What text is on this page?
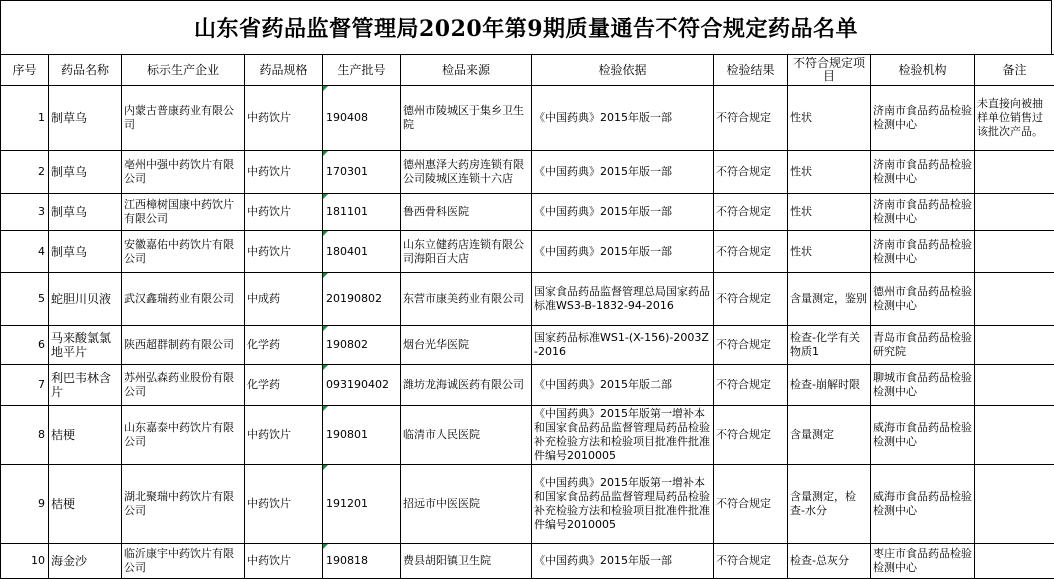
山东省药品监督管理局2020年第9期质量通告不符合规定药品名单
序号	药品名称	标示生产企业	药品规格	生产批号	检品来源	检验依据	检验结果	不符合规定项目	检验机构	备注
1	制草乌	内蒙古普康药业有限公司	中药饮片	190408	德州市陵城区于集乡卫生院	《中国药典》2015年版一部	不符合规定	性状	济南市食品药品检验检测中心	未直接向被抽样单位销售过该批次产品。
2	制草乌	亳州中强中药饮片有限公司	中药饮片	170301	德州惠泽大药房连锁有限公司陵城区连锁十六店	《中国药典》2015年版一部	不符合规定	性状	济南市食品药品检验检测中心	
3	制草乌	江西樟树国康中药饮片有限公司	中药饮片	181101	鲁西骨科医院	《中国药典》2015年版一部	不符合规定	性状	济南市食品药品检验检测中心	
4	制草乌	安徽嘉佑中药饮片有限公司	中药饮片	180401	山东立健药店连锁有限公司海阳百大店	《中国药典》2015年版一部	不符合规定	性状	济南市食品药品检验检测中心	
5	蛇胆川贝液	武汉鑫瑞药业有限公司	中成药	20190802	东营市康美药业有限公司	国家食品药品监督管理总局国家药品标准WS3-B-1832-94-2016	不符合规定	含量测定，鉴别	德州市食品药品检验检测中心	
6	马来酸氯氯地平片	陕西超群制药有限公司	化学药	190802	烟台光华医院	国家药品标准WS1-(X-156)-2003Z-2016	不符合规定	检查-化学有关物质1	青岛市食品药品检验研究院	
7	利巴韦林含片	苏州弘森药业股份有限公司	化学药	093190402	潍坊龙海诚医药有限公司	《中国药典》2015年版二部	不符合规定	检查-崩解时限	聊城市食品药品检验检测中心	
8	桔梗	山东嘉泰中药饮片有限公司	中药饮片	190801	临清市人民医院	《中国药典》2015年版第一增补本和国家食品药品监督管理局药品检验补充检验方法和检验项目批准件批准件编号2010005	不符合规定	含量测定	威海市食品药品检验检测中心	
9	桔梗	湖北聚瑞中药饮片有限公司	中药饮片	191201	招远市中医医院	《中国药典》2015年版第一增补本和国家食品药品监督管理局药品检验补充检验方法和检验项目批准件批准件编号2010005	不符合规定	含量测定，检查-水分	威海市食品药品检验检测中心	
10	海金沙	临沂康宇中药饮片有限公司	中药饮片	190818	费县胡阳镇卫生院	《中国药典》2015年版一部	不符合规定	检查-总灰分	枣庄市食品药品检验检测中心	
